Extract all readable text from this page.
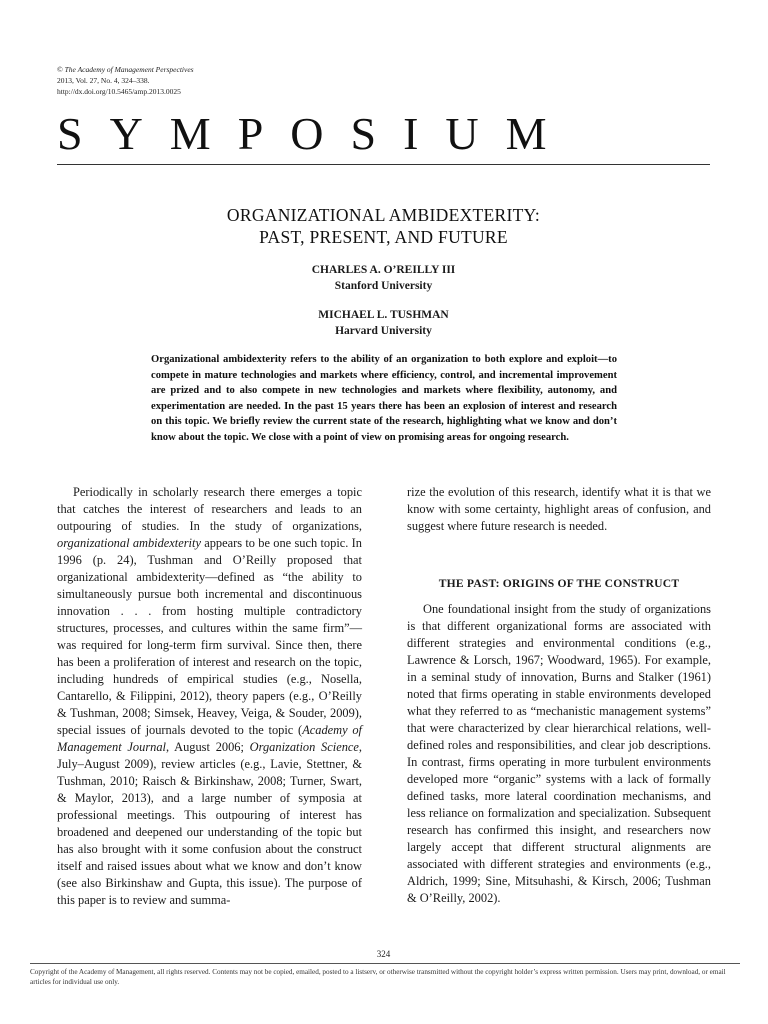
© The Academy of Management Perspectives
2013, Vol. 27, No. 4, 324–338.
http://dx.doi.org/10.5465/amp.2013.0025
SYMPOSIUM
ORGANIZATIONAL AMBIDEXTERITY:
PAST, PRESENT, AND FUTURE
CHARLES A. O’REILLY III
Stanford University
MICHAEL L. TUSHMAN
Harvard University
Organizational ambidexterity refers to the ability of an organization to both explore and exploit—to compete in mature technologies and markets where efficiency, control, and incremental improvement are prized and to also compete in new technologies and markets where flexibility, autonomy, and experimentation are needed. In the past 15 years there has been an explosion of interest and research on this topic. We briefly review the current state of the research, highlighting what we know and don’t know about the topic. We close with a point of view on promising areas for ongoing research.

Periodically in scholarly research there emerges a topic that catches the interest of researchers and leads to an outpouring of studies. In the study of organizations, organizational ambidexterity appears to be one such topic. In 1996 (p. 24), Tushman and O’Reilly proposed that organizational ambidexterity—defined as “the ability to simultaneously pursue both incremental and discontinuous innovation . . . from hosting multiple contradictory structures, processes, and cultures within the same firm”—was required for long-term firm survival. Since then, there has been a proliferation of interest and research on the topic, including hundreds of empirical studies (e.g., Nosella, Cantarello, & Filippini, 2012), theory papers (e.g., O’Reilly & Tushman, 2008; Simsek, Heavey, Veiga, & Souder, 2009), special issues of journals devoted to the topic (Academy of Management Journal, August 2006; Organization Science, July–August 2009), review articles (e.g., Lavie, Stettner, & Tushman, 2010; Raisch & Birkinshaw, 2008; Turner, Swart, & Maylor, 2013), and a large number of symposia at professional meetings. This outpouring of interest has broadened and deepened our understanding of the topic but has also brought with it some confusion about the construct itself and raised issues about what we know and don’t know (see also Birkinshaw and Gupta, this issue). The purpose of this paper is to review and summa-

rize the evolution of this research, identify what it is that we know with some certainty, highlight areas of confusion, and suggest where future research is needed.

THE PAST: ORIGINS OF THE CONSTRUCT

One foundational insight from the study of organizations is that different organizational forms are associated with different strategies and environmental conditions (e.g., Lawrence & Lorsch, 1967; Woodward, 1965). For example, in a seminal study of innovation, Burns and Stalker (1961) noted that firms operating in stable environments developed what they referred to as “mechanistic management systems” that were characterized by clear hierarchical relations, well-defined roles and responsibilities, and clear job descriptions. In contrast, firms operating in more turbulent environments developed more “organic” systems with a lack of formally defined tasks, more lateral coordination mechanisms, and less reliance on formalization and specialization. Subsequent research has confirmed this insight, and researchers now largely accept that different structural alignments are associated with different strategies and environments (e.g., Aldrich, 1999; Sine, Mitsuhashi, & Kirsch, 2006; Tushman & O’Reilly, 2002).

324
Copyright of the Academy of Management, all rights reserved. Contents may not be copied, emailed, posted to a listserv, or otherwise transmitted without the copyright holder’s express written permission. Users may print, download, or email articles for individual use only.
